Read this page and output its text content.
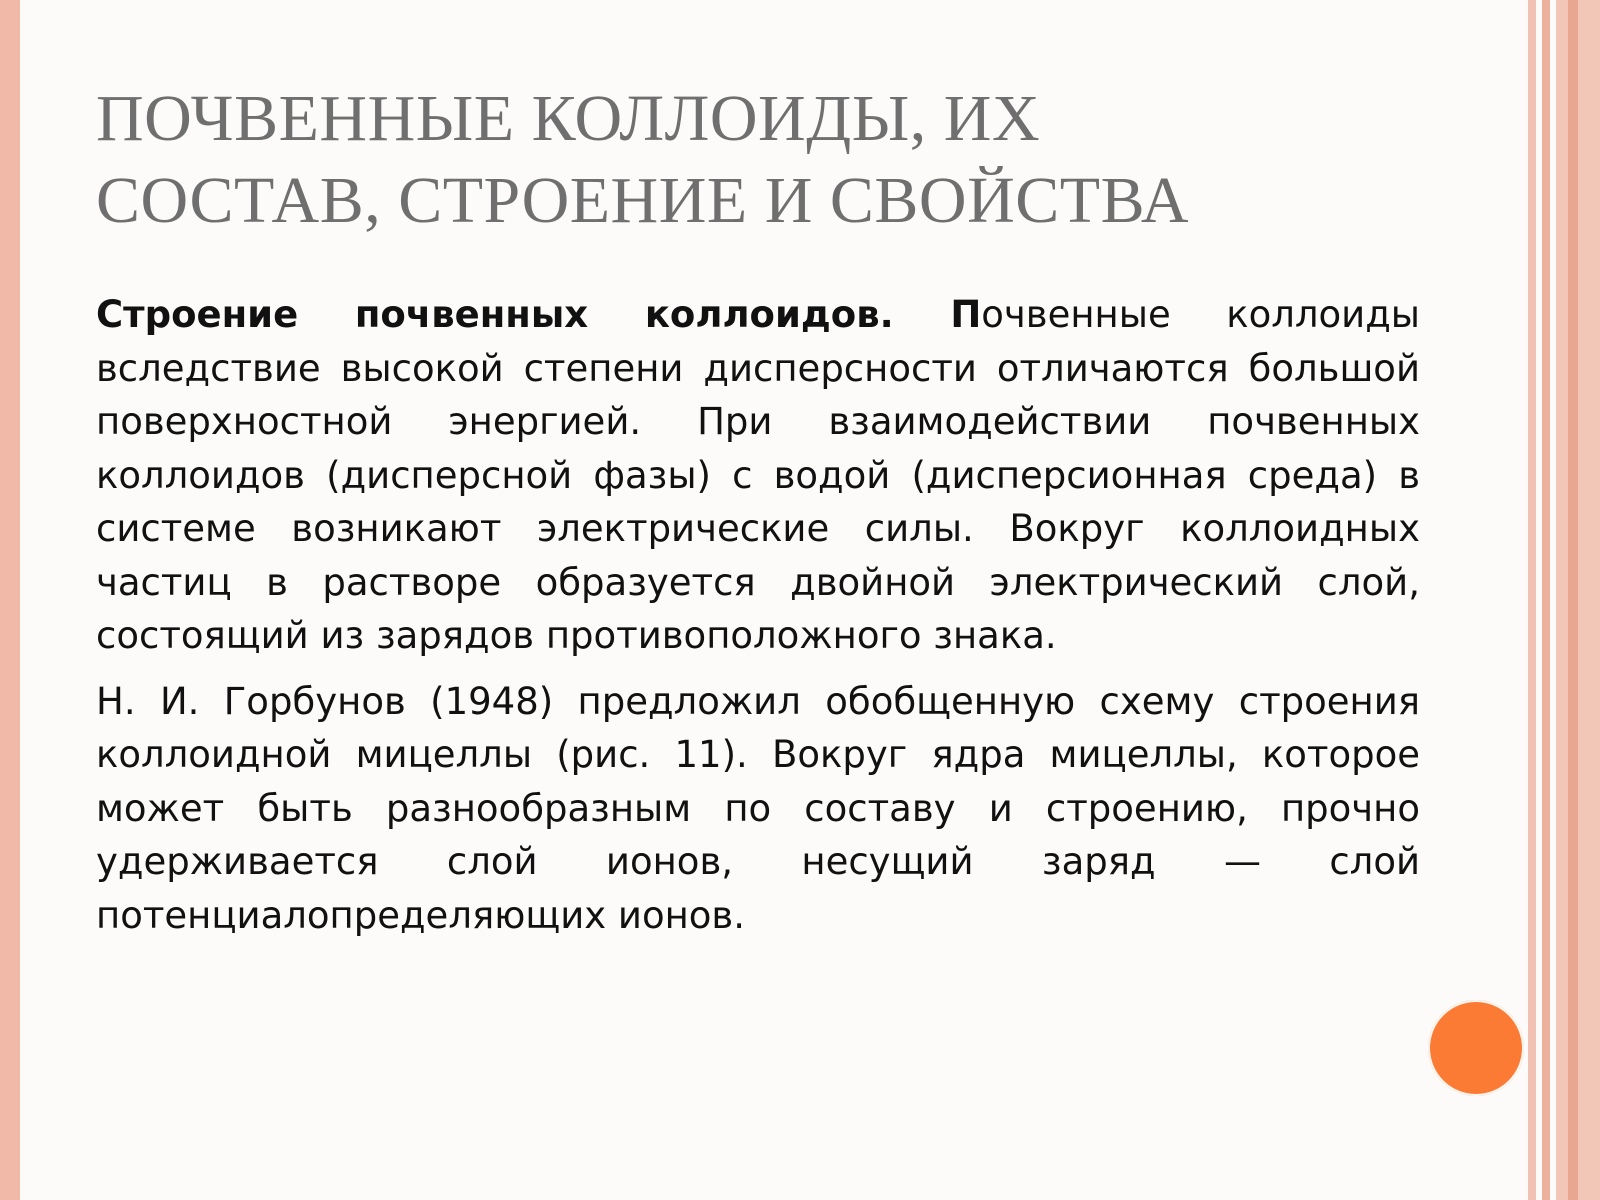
ПОЧВЕННЫЕ КОЛЛОИДЫ, ИХ
СОСТАВ, СТРОЕНИЕ И СВОЙСТВА

Строение почвенных коллоидов. Почвенные коллоиды вследствие высокой степени дисперсности отличаются большой поверхностной энергией. При взаимодействии почвенных коллоидов (дисперсной фазы) с водой (дисперсионная среда) в системе возникают электрические силы. Вокруг коллоидных частиц в растворе образуется двойной электрический слой, состоящий из зарядов противоположного знака.

Н. И. Горбунов (1948) предложил обобщенную схему строения коллоидной мицеллы (рис. 11). Вокруг ядра мицеллы, которое может быть разнообразным по составу и строению, прочно удерживается слой ионов, несущий заряд — слой потенциалопределяющих ионов.
